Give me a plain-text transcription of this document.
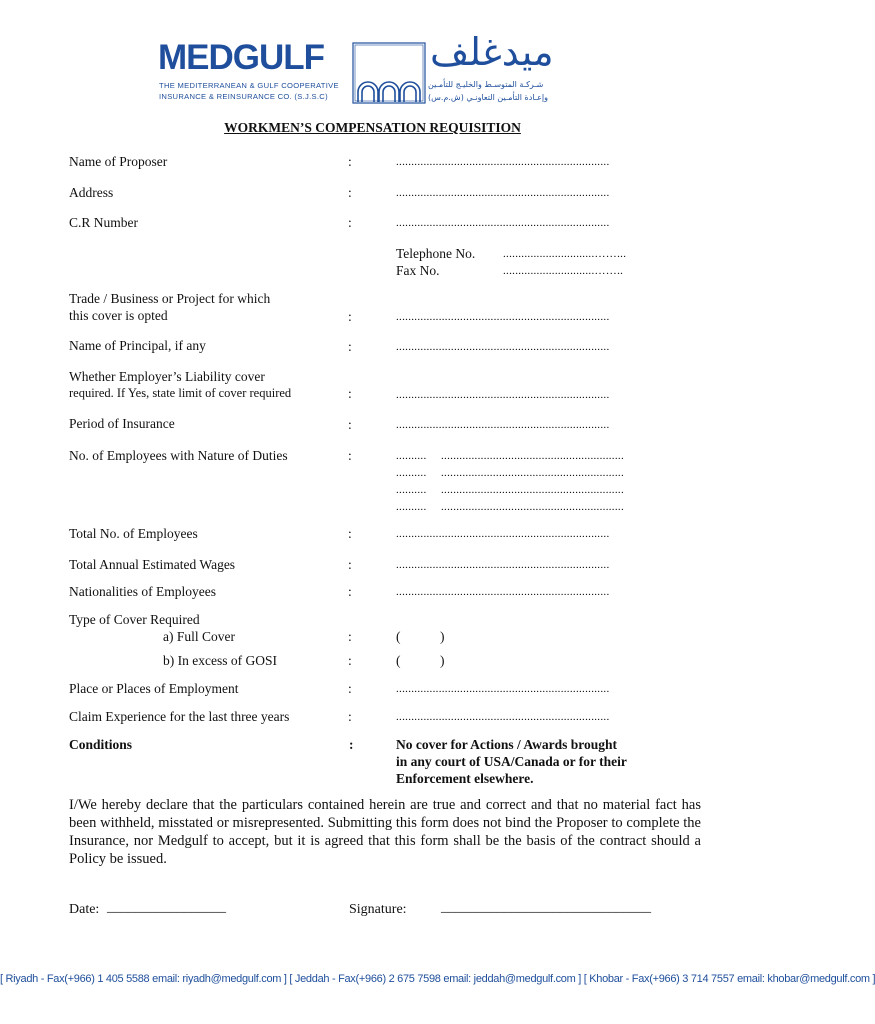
MEDGULF
THE MEDITERRANEAN & GULF COOPERATIVE
INSURANCE & REINSURANCE CO. (S.J.S.C)
ميدغلف
شـركـة المتوسـط والخليـج للتأمـين
وإعـادة التأمـين التعاونـي (ش.م.س)
WORKMEN’S COMPENSATION REQUISITION
Name of Proposer	:	......................................................................
Address	:	......................................................................
C.R Number	:	......................................................................
Telephone No.	..............................……...
Fax No.	..............................……..
Trade / Business or Project for which
this cover is opted	:	......................................................................
Name of Principal, if any	:	......................................................................
Whether Employer’s Liability cover
required. If Yes, state limit of cover required	:	......................................................................
Period of Insurance	:	......................................................................
No. of Employees with Nature of Duties	:	..........	............................................................
..........	............................................................
..........	............................................................
..........	............................................................
Total No. of Employees	:	......................................................................
Total Annual Estimated Wages	:	......................................................................
Nationalities of Employees	:	......................................................................
Type of Cover Required
a) Full Cover	:	(	)
b) In excess of GOSI	:	(	)
Place or Places of Employment	:	......................................................................
Claim Experience for the last three years	:	......................................................................
Conditions	:	No cover for Actions / Awards brought
in any court of USA/Canada or for their
Enforcement elsewhere.
I/We hereby declare that the particulars contained herein are true and correct and that no material fact has been withheld, misstated or misrepresented. Submitting this form does not bind the Proposer to complete the Insurance, nor Medgulf to accept, but it is agreed that this form shall be the basis of the contract should a Policy be issued.
Date: _________________	Signature: ______________________________
[ Riyadh - Fax(+966) 1 405 5588 email: riyadh@medgulf.com ] [ Jeddah - Fax(+966) 2 675 7598 email: jeddah@medgulf.com ] [ Khobar - Fax(+966) 3 714 7557 email: khobar@medgulf.com ]
